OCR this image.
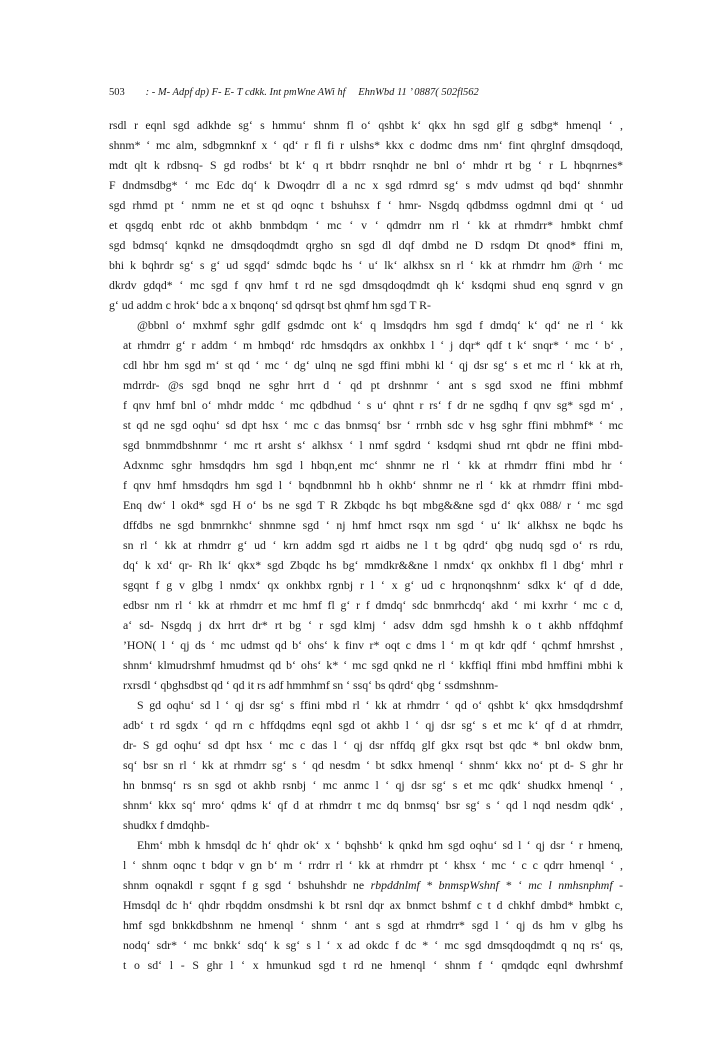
503 : - M- Adpf dp) F- E- T cdkk. Int pmWne AWi hf EhnWbd 11 ’ 0887( 502fl562
rsdl r eqnl sgd adkhde sg‘ s hmmu‘ shnm fl o‘ qshbt k‘ qkx hn sgd glf g sdbg* hmenql ‘ ,
shnm* ‘ mc alm, sdbgmnknf x ‘ qd‘ r fl fi r ulshs* kkx c dodmc dms nm‘ fint qhrglnf dmsqdoqd,
mdt qlt k rdbsnq- S gd rodbs‘ bt k‘ q rt bbdrr rsnqhdr ne bnl o‘ mhdr rt bg ‘ r L hbqnrnes*
F dndmsdbg* ‘ mc Edc dq‘ k Dwoqdrr dl a nc x sgd rdmrd sg‘ s mdv udmst qd bqd‘ shnmhr
sgd rhmd pt ‘ nmm ne et st qd oqnc t bshuhsx f ‘ hmr- Nsgdq qdbdmss ogdmnl dmi qt ‘ ud
et qsgdq enbt rdc ot akhb bnmbdqm ‘ mc ‘ v ‘ qdmdrr nm rl ‘ kk at rhmdrr* hmbkt chmf
sgd bdmsq‘ kqnkd ne dmsqdoqdmdt qrgho sn sgd dl dqf dmbd ne D rsdqm Dt qnod* ffini m,
bhi k bqhrdr sg‘ s g‘ ud sgqd‘ sdmdc bqdc hs ‘ u‘ lk‘ alkhsx sn rl ‘ kk at rhmdrr hm @rh ‘ mc
dkrdv gdqd* ‘ mc sgd f qnv hmf t rd ne sgd dmsqdoqdmdt qh k‘ ksdqmi shud enq sgnrd v gn
g‘ ud addm c hrok‘ bdc a x bnqonq‘ sd qdrsqt bst qhmf hm sgd T R-
@bbnl o‘ mxhmf sghr gdlf gsdmdc ont k‘ q lmsdqdrs hm sgd f dmdq‘ k‘ qd‘ ne rl ‘ kk
at rhmdrr g‘ r addm ‘ m hmbqd‘ rdc hmsdqdrs ax onkhbx l ‘ j dqr* qdf t k‘ snqr* ‘ mc ‘ b‘ ,
cdl hbr hm sgd m‘ st qd ‘ mc ‘ dg‘ ulnq ne sgd ffini mbhi kl ‘ qj dsr sg‘ s et mc rl ‘ kk at rh,
mdrrdr- @s sgd bnqd ne sghr hrrt d ‘ qd pt drshnmr ‘ ant s sgd sxod ne ffini mbhmf
f qnv hmf bnl o‘ mhdr mddc ‘ mc qdbdhud ‘ s u‘ qhnt r rs‘ f dr ne sgdhq f qnv sg* sgd m‘ ,
st qd ne sgd oqhu‘ sd dpt hsx ‘ mc c das bnmsq‘ bsr ‘ rrnbh sdc v hsg sghr ffini mbhmf* ‘ mc
sgd bnmmdbshnmr ‘ mc rt arsht s‘ alkhsx ‘ l nmf sgdrd ‘ ksdqmi shud rnt qbdr ne ffini mbd-
Adxnmc sghr hmsdqdrs hm sgd l hbqn,ent mc‘ shnmr ne rl ‘ kk at rhmdrr ffini mbd hr ‘
f qnv hmf hmsdqdrs hm sgd l ‘ bqndbnmnl hb h okhb‘ shnmr ne rl ‘ kk at rhmdrr ffini mbd-
Enq dw‘ l okd* sgd H o‘ bs ne sgd T R Zkbqdc hs bqt mbg&&ne sgd d‘ qkx 088/ r ‘ mc sgd
dffdbs ne sgd bnmrnkhc‘ shnmne sgd ‘ nj hmf hmct rsqx nm sgd ‘ u‘ lk‘ alkhsx ne bqdc hs
sn rl ‘ kk at rhmdrr g‘ ud ‘ krn addm sgd rt aidbs ne l t bg qdrd‘ qbg nudq sgd o‘ rs rdu,
dq‘ k xd‘ qr- Rh lk‘ qkx* sgd Zbqdc hs bg‘ mmdkr&&ne l nmdx‘ qx onkhbx fl l dbg‘ mhrl r
sgqnt f g v glbg l nmdx‘ qx onkhbx rgnbj r l ‘ x g‘ ud c hrqnonqshnm‘ sdkx k‘ qf d dde,
edbsr nm rl ‘ kk at rhmdrr et mc hmf fl g‘ r f dmdq‘ sdc bnmrhcdq‘ akd ‘ mi kxrhr ‘ mc c d,
a‘ sd- Nsgdq j dx hrrt dr* rt bg ‘ r sgd klmj ‘ adsv ddm sgd hmshh k o t akhb nffdqhmf
’HON( l ‘ qj ds ‘ mc udmst qd b‘ ohs‘ k finv r* oqt c dms l ‘ m qt kdr qdf ‘ qchmf hmrshst ,
shnm‘ klmudrshmf hmudmst qd b‘ ohs‘ k* ‘ mc sgd qnkd ne rl ‘ kkffiql ffini mbd hmffini mbhi k
rxrsdl ‘ qbghsdbst qd ‘ qd it rs adf hmmhmf sn ‘ ssq‘ bs qdrd‘ qbg ‘ ssdmshnm-
S gd oqhu‘ sd l ‘ qj dsr sg‘ s ffini mbd rl ‘ kk at rhmdrr ‘ qd o‘ qshbt k‘ qkx hmsdqdrshmf
adb‘ t rd sgdx ‘ qd rn c hffdqdms eqnl sgd ot akhb l ‘ qj dsr sg‘ s et mc k‘ qf d at rhmdrr,
dr- S gd oqhu‘ sd dpt hsx ‘ mc c das l ‘ qj dsr nffdq glf gkx rsqt bst qdc * bnl okdw bnm,
sq‘ bsr sn rl ‘ kk at rhmdrr sg‘ s ‘ qd nesdm ‘ bt sdkx hmenql ‘ shnm‘ kkx no‘ pt d- S ghr hr
hn bnmsq‘ rs sn sgd ot akhb rsnbj ‘ mc anmc l ‘ qj dsr sg‘ s et mc qdk‘ shudkx hmenql ‘ ,
shnm‘ kkx sq‘ mro‘ qdms k‘ qf d at rhmdrr t mc dq bnmsq‘ bsr sg‘ s ‘ qd l nqd nesdm qdk‘ ,
shudkx f dmdqhb-
Ehm‘ mbh k hmsdql dc h‘ qhdr ok‘ x ‘ bqhshb‘ k qnkd hm sgd oqhu‘ sd l ‘ qj dsr ‘ r hmenq,
l ‘ shnm oqnc t bdqr v gn b‘ m ‘ rrdrr rl ‘ kk at rhmdrr pt ‘ khsx ‘ mc ‘ c c qdrr hmenql ‘ ,
shnm oqnakdl r sgqnt f g sgd ‘ bshuhshdr ne rbpddnlmf * bnmspWshnf * ‘ mc l nmhsnphmf -
Hmsdql dc h‘ qhdr rbqddm onsdmshi k bt rsnl dqr ax bnmct bshmf c t d chkhf dmbd* hmbkt c,
hmf sgd bnkkdbshnm ne hmenql ‘ shnm ‘ ant s sgd at rhmdrr* sgd l ‘ qj ds hm v glbg hs
nodq‘ sdr* ‘ mc bnkk‘ sdq‘ k sg‘ s l ‘ x ad okdc f dc * ‘ mc sgd dmsqdoqdmdt q nq rs‘ qs,
t o sd‘ l - S ghr l ‘ x hmunkud sgd t rd ne hmenql ‘ shnm f ‘ qmdqdc eqnl dwhrshmf
